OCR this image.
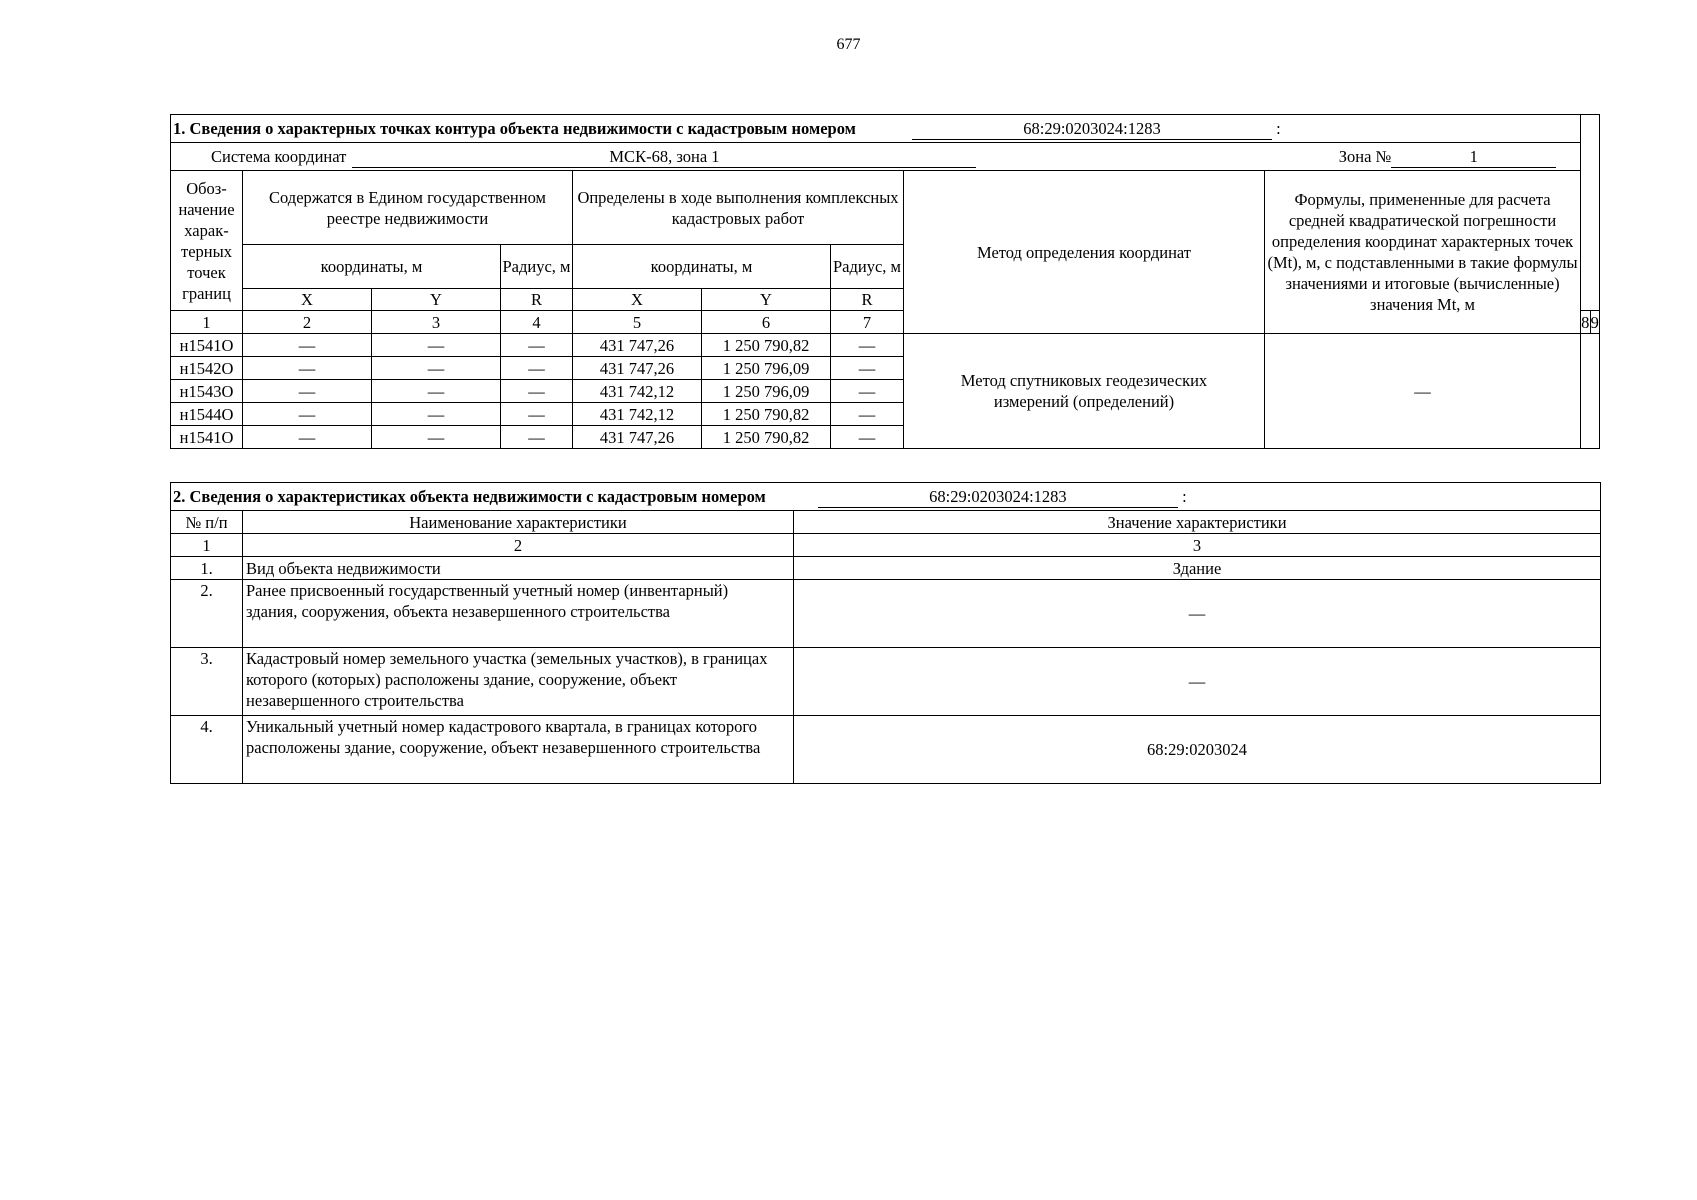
677
1. Сведения о характерных точках контура объекта недвижимости с кадастровым номером 68:29:0203024:1283 :										
Система координат МСК-68, зона 1 Зона № 1										
Обоз-начение харак-терных точек границ	Содержатся в Едином государственном реестре недвижимости			Определены в ходе выполнения комплексных кадастровых работ			Метод определения координат	Формулы, примененные для расчета средней квадратической погрешности определения координат характерных точек (Mt), м, с подставленными в такие формулы значениями и итоговые (вычисленные) значения Mt, м		
	координаты, м		Радиус, м	координаты, м		Радиус, м				
	X	Y	R	X	Y	R				
1	2	3	4	5	6	7			8	9
н1541О	—	—	—	431 747,26	1 250 790,82	—	Метод спутниковых геодезических измерений (определений)	—		
н1542О	—	—	—	431 747,26	1 250 796,09	—				
н1543О	—	—	—	431 742,12	1 250 796,09	—				
н1544О	—	—	—	431 742,12	1 250 790,82	—				
н1541О	—	—	—	431 747,26	1 250 790,82	—				
2. Сведения о характеристиках объекта недвижимости с кадастровым номером 68:29:0203024:1283 :		
№ п/п	Наименование характеристики	Значение характеристики
1	2	3
1.	Вид объекта недвижимости	Здание
2.	Ранее присвоенный государственный учетный номер (инвентарный) здания, сооружения, объекта незавершенного строительства	—
3.	Кадастровый номер земельного участка (земельных участков), в границах которого (которых) расположены здание, сооружение, объект незавершенного строительства	—
4.	Уникальный учетный номер кадастрового квартала, в границах которого расположены здание, сооружение, объект незавершенного строительства	68:29:0203024
